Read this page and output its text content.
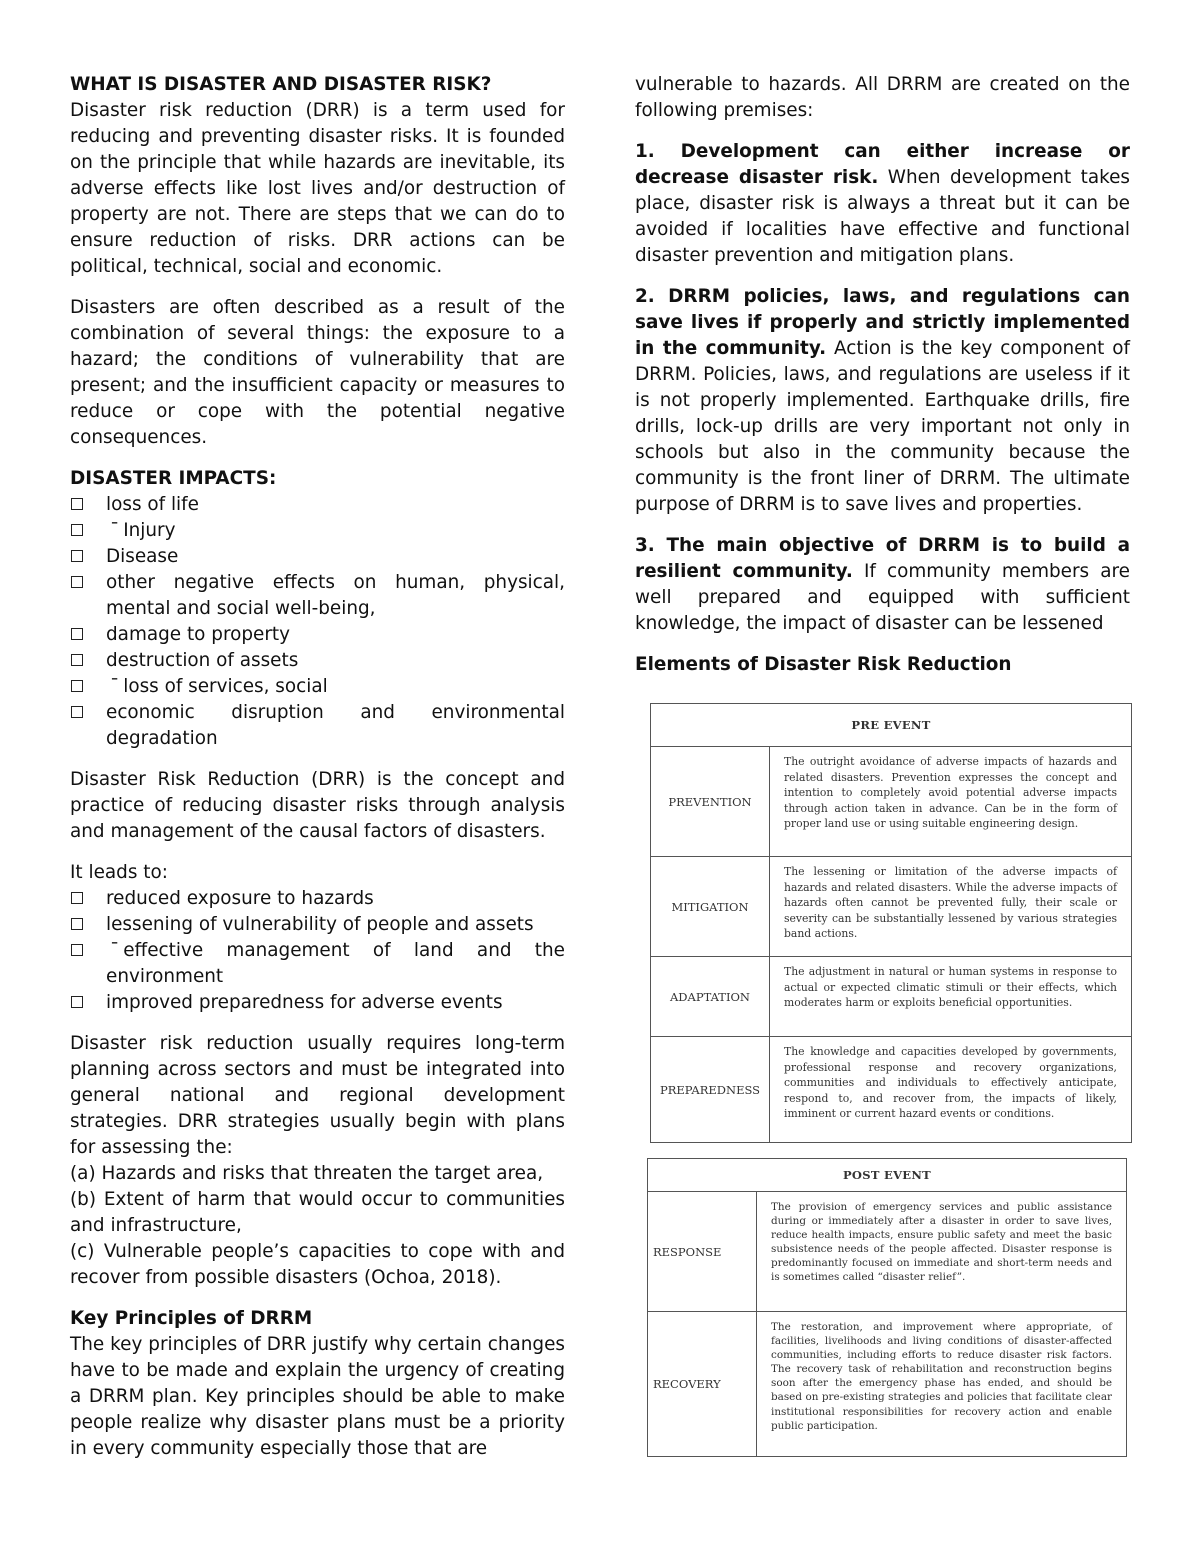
WHAT IS DISASTER AND DISASTER RISK?

Disaster risk reduction (DRR) is a term used for reducing and preventing disaster risks. It is founded on the principle that while hazards are inevitable, its adverse effects like lost lives and/or destruction of property are not. There are steps that we can do to ensure reduction of risks. DRR actions can be political, technical, social and economic.

Disasters are often described as a result of the combination of several things: the exposure to a hazard; the conditions of vulnerability that are present; and the insufficient capacity or measures to reduce or cope with the potential negative consequences.

DISASTER IMPACTS:

loss of life
¯ Injury
Disease
other negative effects on human, physical, mental and social well-being,
damage to property
destruction of assets
¯ loss of services, social
economic disruption and environmental degradation

Disaster Risk Reduction (DRR) is the concept and practice of reducing disaster risks through analysis and management of the causal factors of disasters.

It leads to:

reduced exposure to hazards
lessening of vulnerability of people and assets
¯ effective management of land and the environment
improved preparedness for adverse events

Disaster risk reduction usually requires long-term planning across sectors and must be integrated into general national and regional development strategies. DRR strategies usually begin with plans for assessing the:

(a) Hazards and risks that threaten the target area,

(b) Extent of harm that would occur to communities and infrastructure,

(c) Vulnerable people’s capacities to cope with and recover from possible disasters (Ochoa, 2018).

Key Principles of DRRM

The key principles of DRR justify why certain changes have to be made and explain the urgency of creating a DRRM plan. Key principles should be able to make people realize why disaster plans must be a priority in every community especially those that are

vulnerable to hazards. All DRRM are created on the following premises:

1. Development can either increase or decrease disaster risk. When development takes place, disaster risk is always a threat but it can be avoided if localities have effective and functional disaster prevention and mitigation plans.

2. DRRM policies, laws, and regulations can save lives if properly and strictly implemented in the community. Action is the key component of DRRM. Policies, laws, and regulations are useless if it is not properly implemented. Earthquake drills, fire drills, lock-up drills are very important not only in schools but also in the community because the community is the front liner of DRRM. The ultimate purpose of DRRM is to save lives and properties.

3. The main objective of DRRM is to build a resilient community. If community members are well prepared and equipped with sufficient knowledge, the impact of disaster can be lessened

Elements of Disaster Risk Reduction

PRE EVENT	
PREVENTION	The outright avoidance of adverse impacts of hazards and related disasters. Prevention expresses the concept and intention to completely avoid potential adverse impacts through action taken in advance. Can be in the form of proper land use or using suitable engineering design.
MITIGATION	The lessening or limitation of the adverse impacts of hazards and related disasters. While the adverse impacts of hazards often cannot be prevented fully, their scale or severity can be substantially lessened by various strategies band actions.
ADAPTATION	The adjustment in natural or human systems in response to actual or expected climatic stimuli or their effects, which moderates harm or exploits beneficial opportunities.
PREPAREDNESS	The knowledge and capacities developed by governments, professional response and recovery organizations, communities and individuals to effectively anticipate, respond to, and recover from, the impacts of likely, imminent or current hazard events or conditions.
POST EVENT	
RESPONSE	The provision of emergency services and public assistance during or immediately after a disaster in order to save lives, reduce health impacts, ensure public safety and meet the basic subsistence needs of the people affected. Disaster response is predominantly focused on immediate and short-term needs and is sometimes called “disaster relief”.
RECOVERY	The restoration, and improvement where appropriate, of facilities, livelihoods and living conditions of disaster-affected communities, including efforts to reduce disaster risk factors. The recovery task of rehabilitation and reconstruction begins soon after the emergency phase has ended, and should be based on pre-existing strategies and policies that facilitate clear institutional responsibilities for recovery action and enable public participation.
